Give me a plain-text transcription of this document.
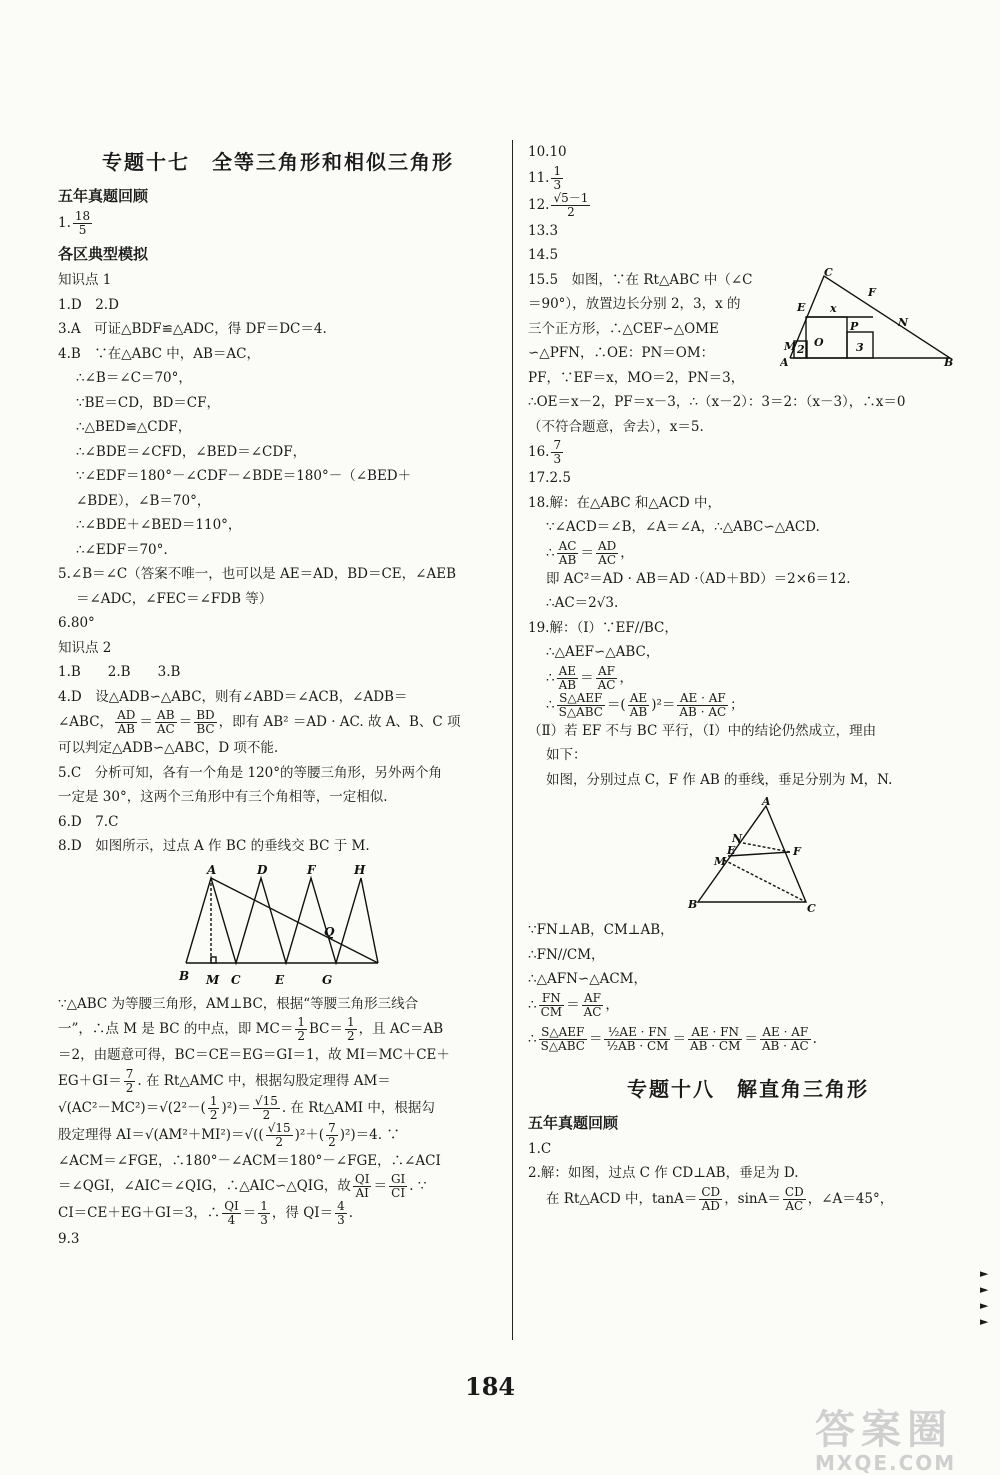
专题十七　全等三角形和相似三角形
五年真题回顾
1. $\frac{18}{5}$
各区典型模拟
知识点 1
1.D　2.D
3.A　可证△BDF≌△ADC，得 DF＝DC＝4.
4.B　∵在△ABC 中，AB＝AC，
∴∠B＝∠C＝70°，
∵BE＝CD，BD＝CF，
∴△BED≌△CDF，
∴∠BDE＝∠CFD，∠BED＝∠CDF，
∵∠EDF＝180°－∠CDF－∠BDE＝180°－（∠BED＋
∠BDE），∠B＝70°，
∴∠BDE＋∠BED＝110°，
∴∠EDF＝70°.
5.∠B＝∠C（答案不唯一，也可以是 AE＝AD，BD＝CE，∠AEB
＝∠ADC，∠FEC＝∠FDB 等）
6.80°
知识点 2
1.B　　2.B　　3.B
4.D　设△ADB∽△ABC，则有∠ABD＝∠ACB，∠ADB＝
∠ABC， $\frac{AD}{AB} = \frac{AB}{AC} = \frac{BD}{BC}$ ，即有 AB² ＝AD · AC. 故 A、B、C 项
可以判定△ADB∽△ABC，D 项不能.
5.C　分析可知，各有一个角是 120°的等腰三角形，另外两个角
一定是 30°，这两个三角形中有三个角相等，一定相似.
6.D　7.C
8.D　如图所示，过点 A 作 BC 的垂线交 BC 于 M.
A	D	F	H
Q
B M C	E	G
∵△ABC 为等腰三角形，AM⊥BC，根据“等腰三角形三线合
一”，∴点 M 是 BC 的中点，即 $MC= \frac{1}{2} BC= \frac{1}{2}$ ，且 AC＝AB
＝2，由题意可得，BC＝CE＝EG＝GI＝1，故 MI＝MC＋CE＋
$EG+GI= \frac{7}{2}$ . 在 Rt△AMC 中，根据勾股定理得 AM＝
$√(AC^2-MC^2)=√(2^2-( \frac{1}{2} )^2)= \frac{√15}{2}$ . 在 Rt△AMI 中，根据勾
股定理得 $AI=√(AM^2+MI^2)=√(( \frac{√15}{2} )^2+( \frac{7}{2} )^2)=4$. ∵
∠ACM＝∠FGE，∴180°－∠ACM＝180°－∠FGE，∴∠ACI
＝∠QGI，∠AIC＝∠QIG，∴△AIC∽△QIG，故 $\frac{QI}{AI} = \frac{GI}{CI}$ . ∵
CI＝CE＋EG＋GI＝3，∴ $\frac{QI}{4} = \frac{1}{3}$ ，得 $QI= \frac{4}{3}$ .
9.3
10.10
11. $\frac{1}{3}$
12. $\frac{√5-1}{2}$
13.3
14.5
15.5　如图，∵在 Rt△ABC 中（∠C
＝90°），放置边长分别 2，3，x 的
三个正方形，∴△CEF∽△OME
∽△PFN，∴OE：PN＝OM：
PF，∵EF＝x，MO＝2，PN＝3，
C
E
F
x
N
P
3
M 2
O
A	B
∴OE＝x－2，PF＝x－3，∴（x－2）：3＝2：（x－3），∴x＝0
（不符合题意，舍去），x＝5.
16. $\frac{7}{3}$
17.2.5
18.解：在△ABC 和△ACD 中，
∵∠ACD＝∠B，∠A＝∠A，∴△ABC∽△ACD.
∴ $\frac{AC}{AB} = \frac{AD}{AC}$ ，
即 AC²＝AD · AB＝AD ·（AD＋BD）＝2×6＝12.
∴AC＝2√3.
19.解：（Ⅰ）∵EF//BC，
∴△AEF∽△ABC，
∴ $\frac{AE}{AB} = \frac{AF}{AC}$ ，
∴ $\frac{\text{S△AEF}}{\text{S△ABC}}$ ＝( $\frac{AE}{AB} )^2= \frac{AE \cdot AF}{AB \cdot AC}$ ；
（Ⅱ）若 EF 不与 BC 平行，（Ⅰ）中的结论仍然成立，理由
如下：
如图，分别过点 C，F 作 AB 的垂线，垂足分别为 M，N.
A
N
E
M
F
B	C
∵FN⊥AB，CM⊥AB，
∴FN//CM，
∴△AFN∽△ACM，
∴ $\frac{FN}{CM} = \frac{AF}{AC}$ ，
∴ $\frac{\text{S△AEF}}{\text{S△ABC}} = \frac{\text{½AE · FN}}{\text{½AB · CM}} = \frac{AE \cdot FN}{AB \cdot CM} = \frac{AE \cdot AF}{AB \cdot AC}$ .
专题十八　解直角三角形
五年真题回顾
1.C
2.解：如图，过点 C 作 CD⊥AB，垂足为 D.
在 Rt△ACD 中，$\tan A= \frac{CD}{AD}$ ，$\sin A= \frac{CD}{AC}$ ，∠A＝45°，
►
►
►
►
184
答案圈
MXQE.COM
